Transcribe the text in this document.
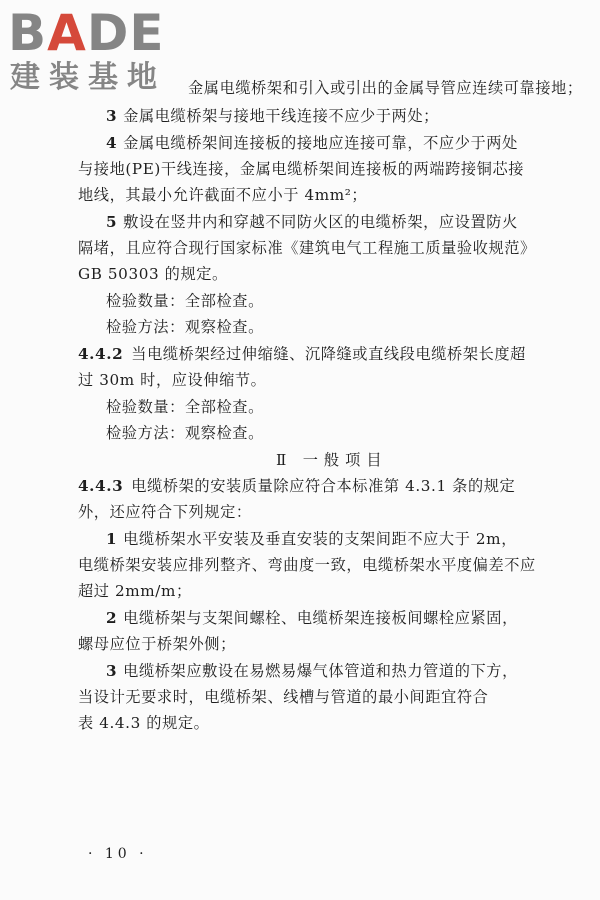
BADE
建装基地 金属电缆桥架和引入或引出的金属导管应连续可靠接地；
3 金属电缆桥架与接地干线连接不应少于两处；
4 金属电缆桥架间连接板的接地应连接可靠，不应少于两处
与接地(PE)干线连接，金属电缆桥架间连接板的两端跨接铜芯接
地线，其最小允许截面不应小于 4mm²；
5 敷设在竖井内和穿越不同防火区的电缆桥架，应设置防火
隔堵，且应符合现行国家标准《建筑电气工程施工质量验收规范》
GB 50303 的规定。
检验数量：全部检查。
检验方法：观察检查。
4.4.2 当电缆桥架经过伸缩缝、沉降缝或直线段电缆桥架长度超
过 30m 时，应设伸缩节。
检验数量：全部检查。
检验方法：观察检查。
Ⅱ　一 般 项 目
4.4.3 电缆桥架的安装质量除应符合本标准第 4.3.1 条的规定
外，还应符合下列规定：
1 电缆桥架水平安装及垂直安装的支架间距不应大于 2m，
电缆桥架安装应排列整齐、弯曲度一致，电缆桥架水平度偏差不应
超过 2mm/m；
2 电缆桥架与支架间螺栓、电缆桥架连接板间螺栓应紧固，
螺母应位于桥架外侧；
3 电缆桥架应敷设在易燃易爆气体管道和热力管道的下方，
当设计无要求时，电缆桥架、线槽与管道的最小间距宜符合
表 4.4.3 的规定。
· 10 ·
